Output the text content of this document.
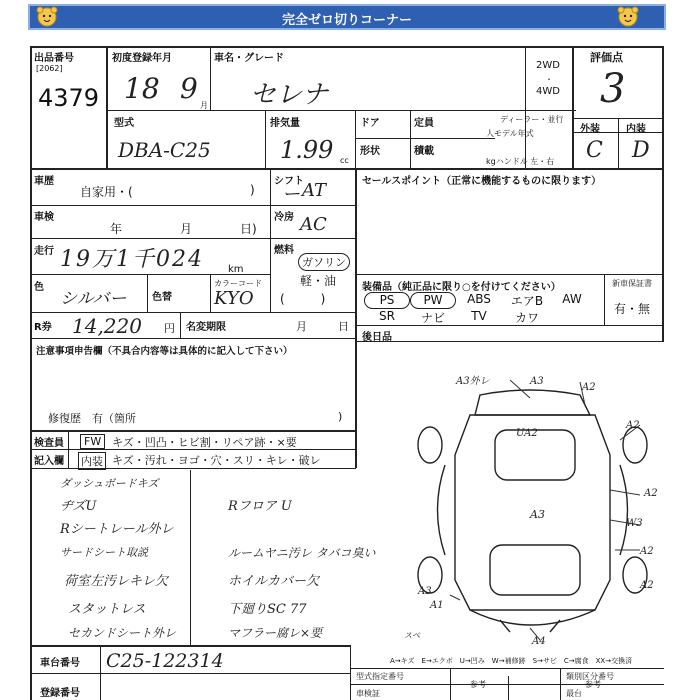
完全ゼロ切りコーナー
出品番号
[2062]
4379
初度登録年月
18 9
月
車名・グレード
セレナ
2WD
・
4WD
評価点
3
型式
DBA-C25
排気量
1.99 cc
ドア	定員
形状	積載
ディーラー・並行
人モデル年式
kgハンドル 左・右
外装	内装
C D
車歴
自家用・(	)
車検
年	月	日)
走行 19万1千024 km
色
シルバー	色替
カラーコード
KYO
R券 14,220 円 名変期限	月	日
シフト
ー AT
冷房 AC
燃料
ガソリン
軽・油
(　　　)
セールスポイント（正常に機能するものに限ります）
装備品（純正品に限り○を付けてください）	新車保証書
有・無
PS	PW	ABS	エアB	AW
SR	ナビ	TV	カワ
後日品
注意事項申告欄（不具合内容等は具体的に記入して下さい）
修復歴　有（箇所	)
検査員
記入欄
FW キズ・凹凸・ヒビ割・リペア跡・×要
内装 キズ・汚れ・ヨゴ・穴・スリ・キレ・破レ
ダッシュボードキズ
ヂズU	Rフロア U
Rシートレール外レ
サードシート取説	ルームヤニ汚レ タバコ臭い
荷室左汚レキレ欠	ホイルカバー欠
スタットレス	下廻りSC 77
セカンドシート外レ	マフラー腐レ×要
A3外レ	A3
A2
UA2
A3
A2
A2
W3
A2
A2
A3
A1
スベ
A4
車台番号 C25-122314
登録番号
A→キズ　E→エクボ　U→凹み　W→補修跡　S→サビ　C→腐食　XX→交換済
型式指定番号	類別区分番号
車検証
参考	参考
最台
